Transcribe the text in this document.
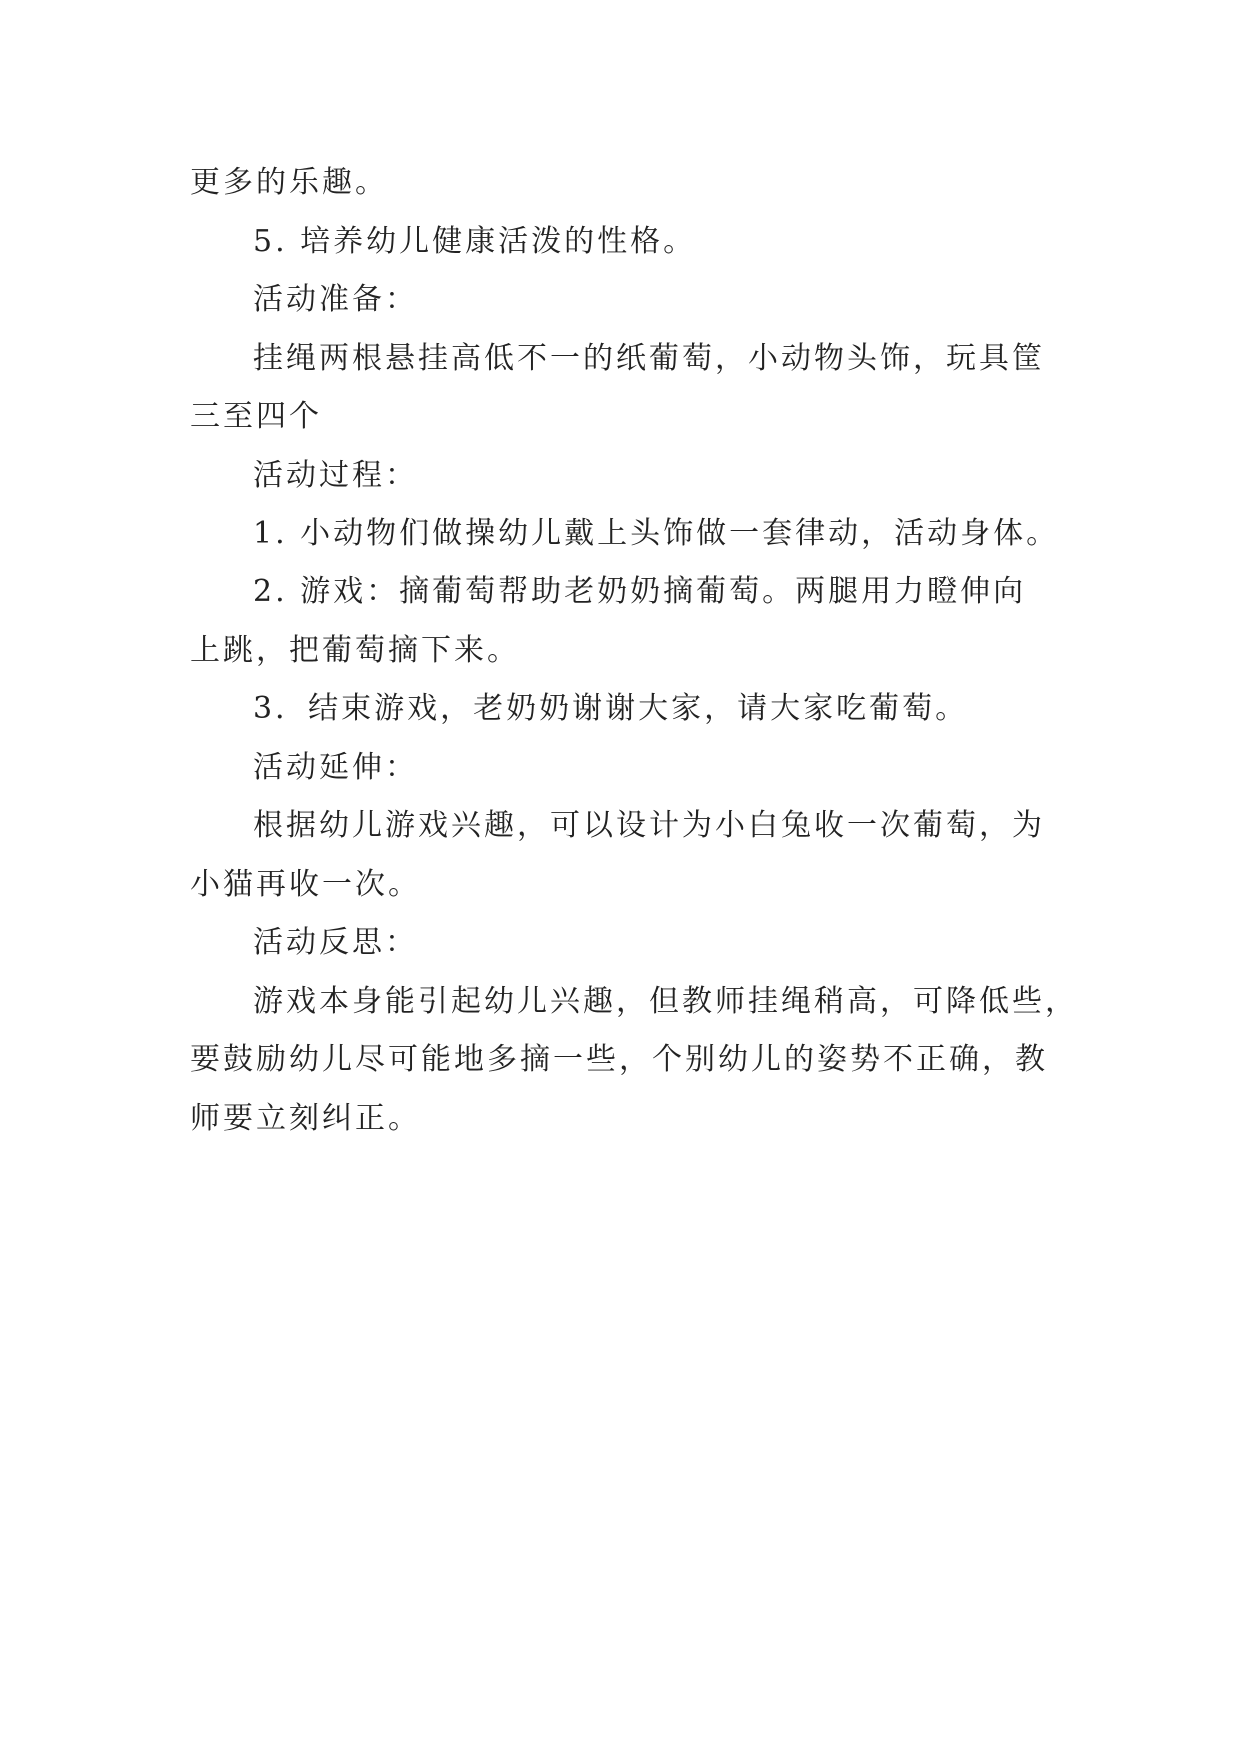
更多的乐趣。
5. 培养幼儿健康活泼的性格。
活动准备：
挂绳两根悬挂高低不一的纸葡萄，小动物头饰，玩具筐
三至四个
活动过程：
1. 小动物们做操幼儿戴上头饰做一套律动，活动身体。
2. 游戏：摘葡萄帮助老奶奶摘葡萄。两腿用力瞪伸向
上跳，把葡萄摘下来。
3．结束游戏，老奶奶谢谢大家，请大家吃葡萄。
活动延伸：
根据幼儿游戏兴趣，可以设计为小白兔收一次葡萄，为
小猫再收一次。
活动反思：
游戏本身能引起幼儿兴趣，但教师挂绳稍高，可降低些，
要鼓励幼儿尽可能地多摘一些，个别幼儿的姿势不正确，教
师要立刻纠正。
